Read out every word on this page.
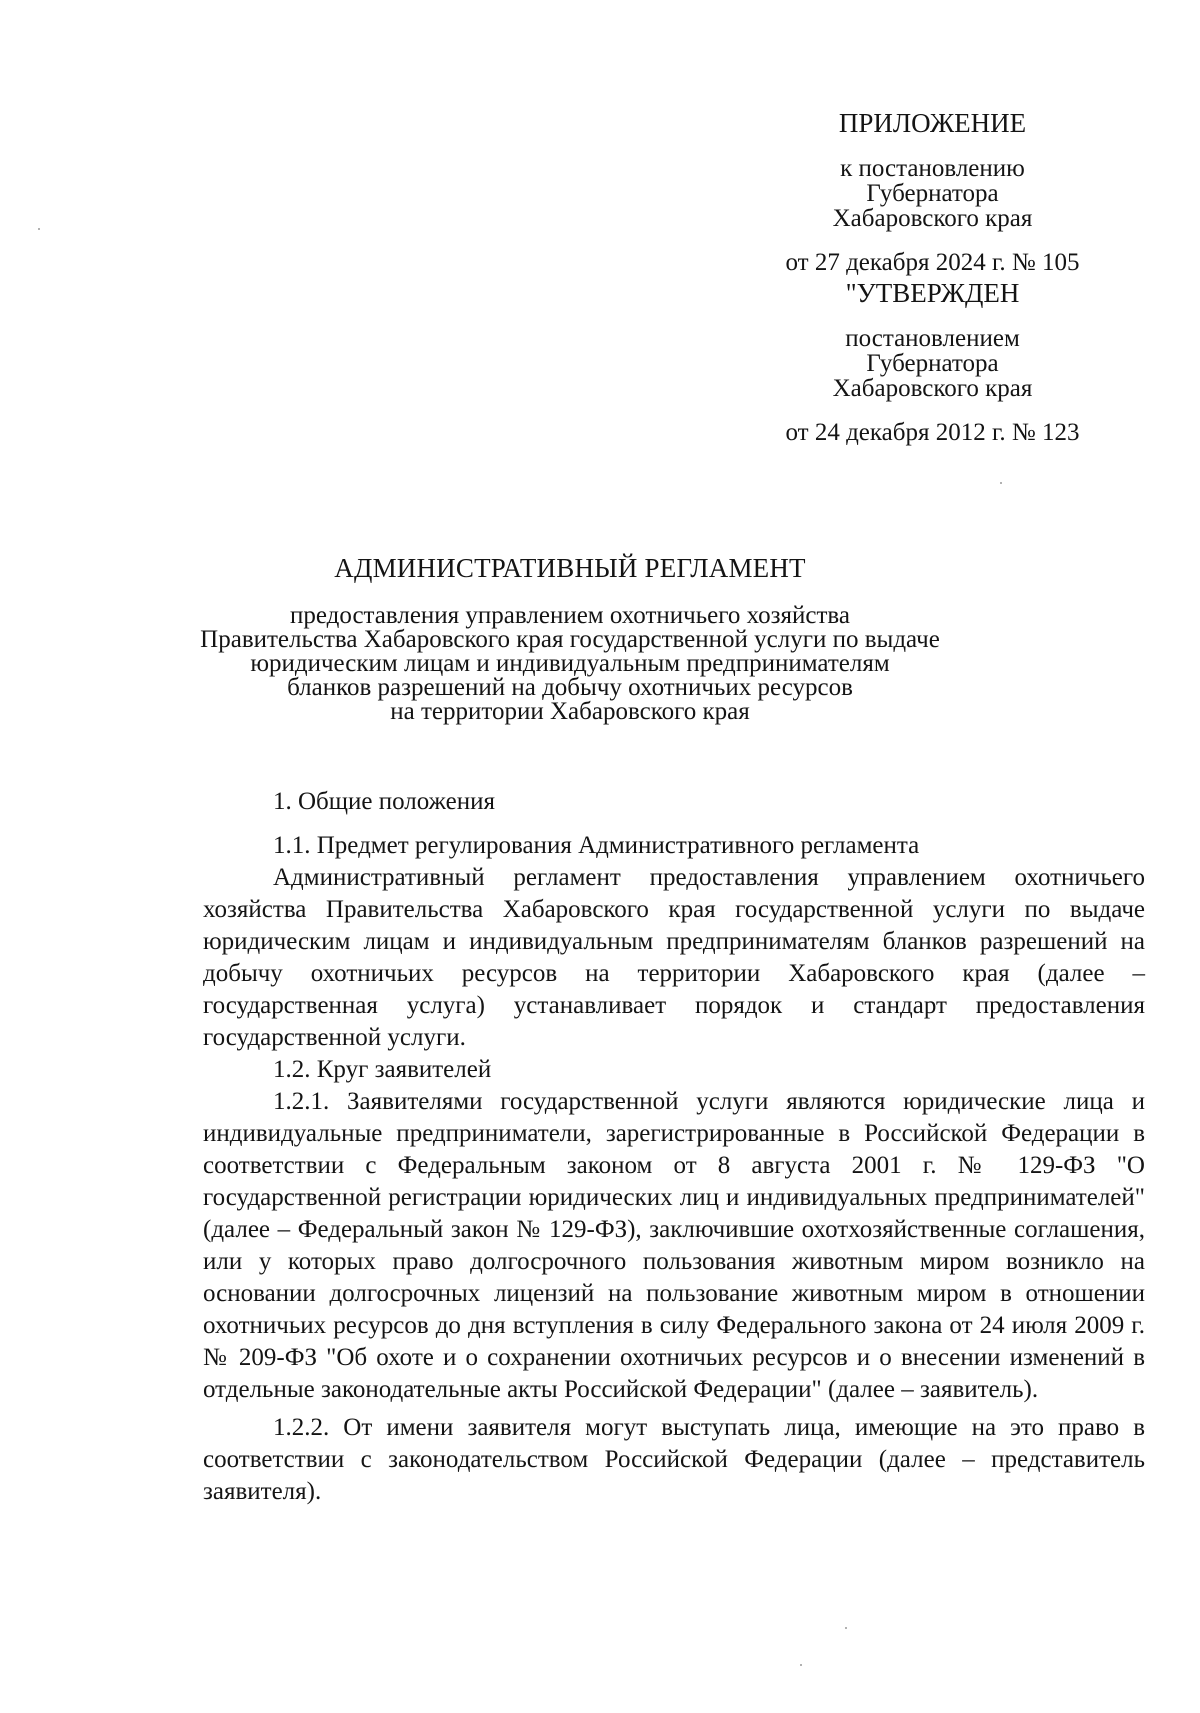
ПРИЛОЖЕНИЕ
к постановлению
Губернатора
Хабаровского края
от 27 декабря 2024 г. № 105
"УТВЕРЖДЕН
постановлением
Губернатора
Хабаровского края
от 24 декабря 2012 г. № 123
АДМИНИСТРАТИВНЫЙ РЕГЛАМЕНТ
предоставления управлением охотничьего хозяйства
Правительства Хабаровского края государственной услуги по выдаче
юридическим лицам и индивидуальным предпринимателям
бланков разрешений на добычу охотничьих ресурсов
на территории Хабаровского края

1. Общие положения

1.1. Предмет регулирования Административного регламента

Административный регламент предоставления управлением охотничьего хозяйства Правительства Хабаровского края государственной услуги по выдаче юридическим лицам и индивидуальным предпринимателям бланков разрешений на добычу охотничьих ресурсов на территории Хабаровского края (далее – государственная услуга) устанавливает порядок и стандарт предоставления государственной услуги.

1.2. Круг заявителей

1.2.1. Заявителями государственной услуги являются юридические лица и индивидуальные предприниматели, зарегистрированные в Российской Федерации в соответствии с Федеральным законом от 8 августа 2001 г. № 129-ФЗ "О государственной регистрации юридических лиц и индивидуальных предпринимателей" (далее – Федеральный закон № 129-ФЗ), заключившие охотхозяйственные соглашения, или у которых право долгосрочного пользования животным миром возникло на основании долгосрочных лицензий на пользование животным миром в отношении охотничьих ресурсов до дня вступления в силу Федерального закона от 24 июля 2009 г. № 209-ФЗ "Об охоте и о сохранении охотничьих ресурсов и о внесении изменений в отдельные законодательные акты Российской Федерации" (далее – заявитель).

1.2.2. От имени заявителя могут выступать лица, имеющие на это право в соответствии с законодательством Российской Федерации (далее – представитель заявителя).
